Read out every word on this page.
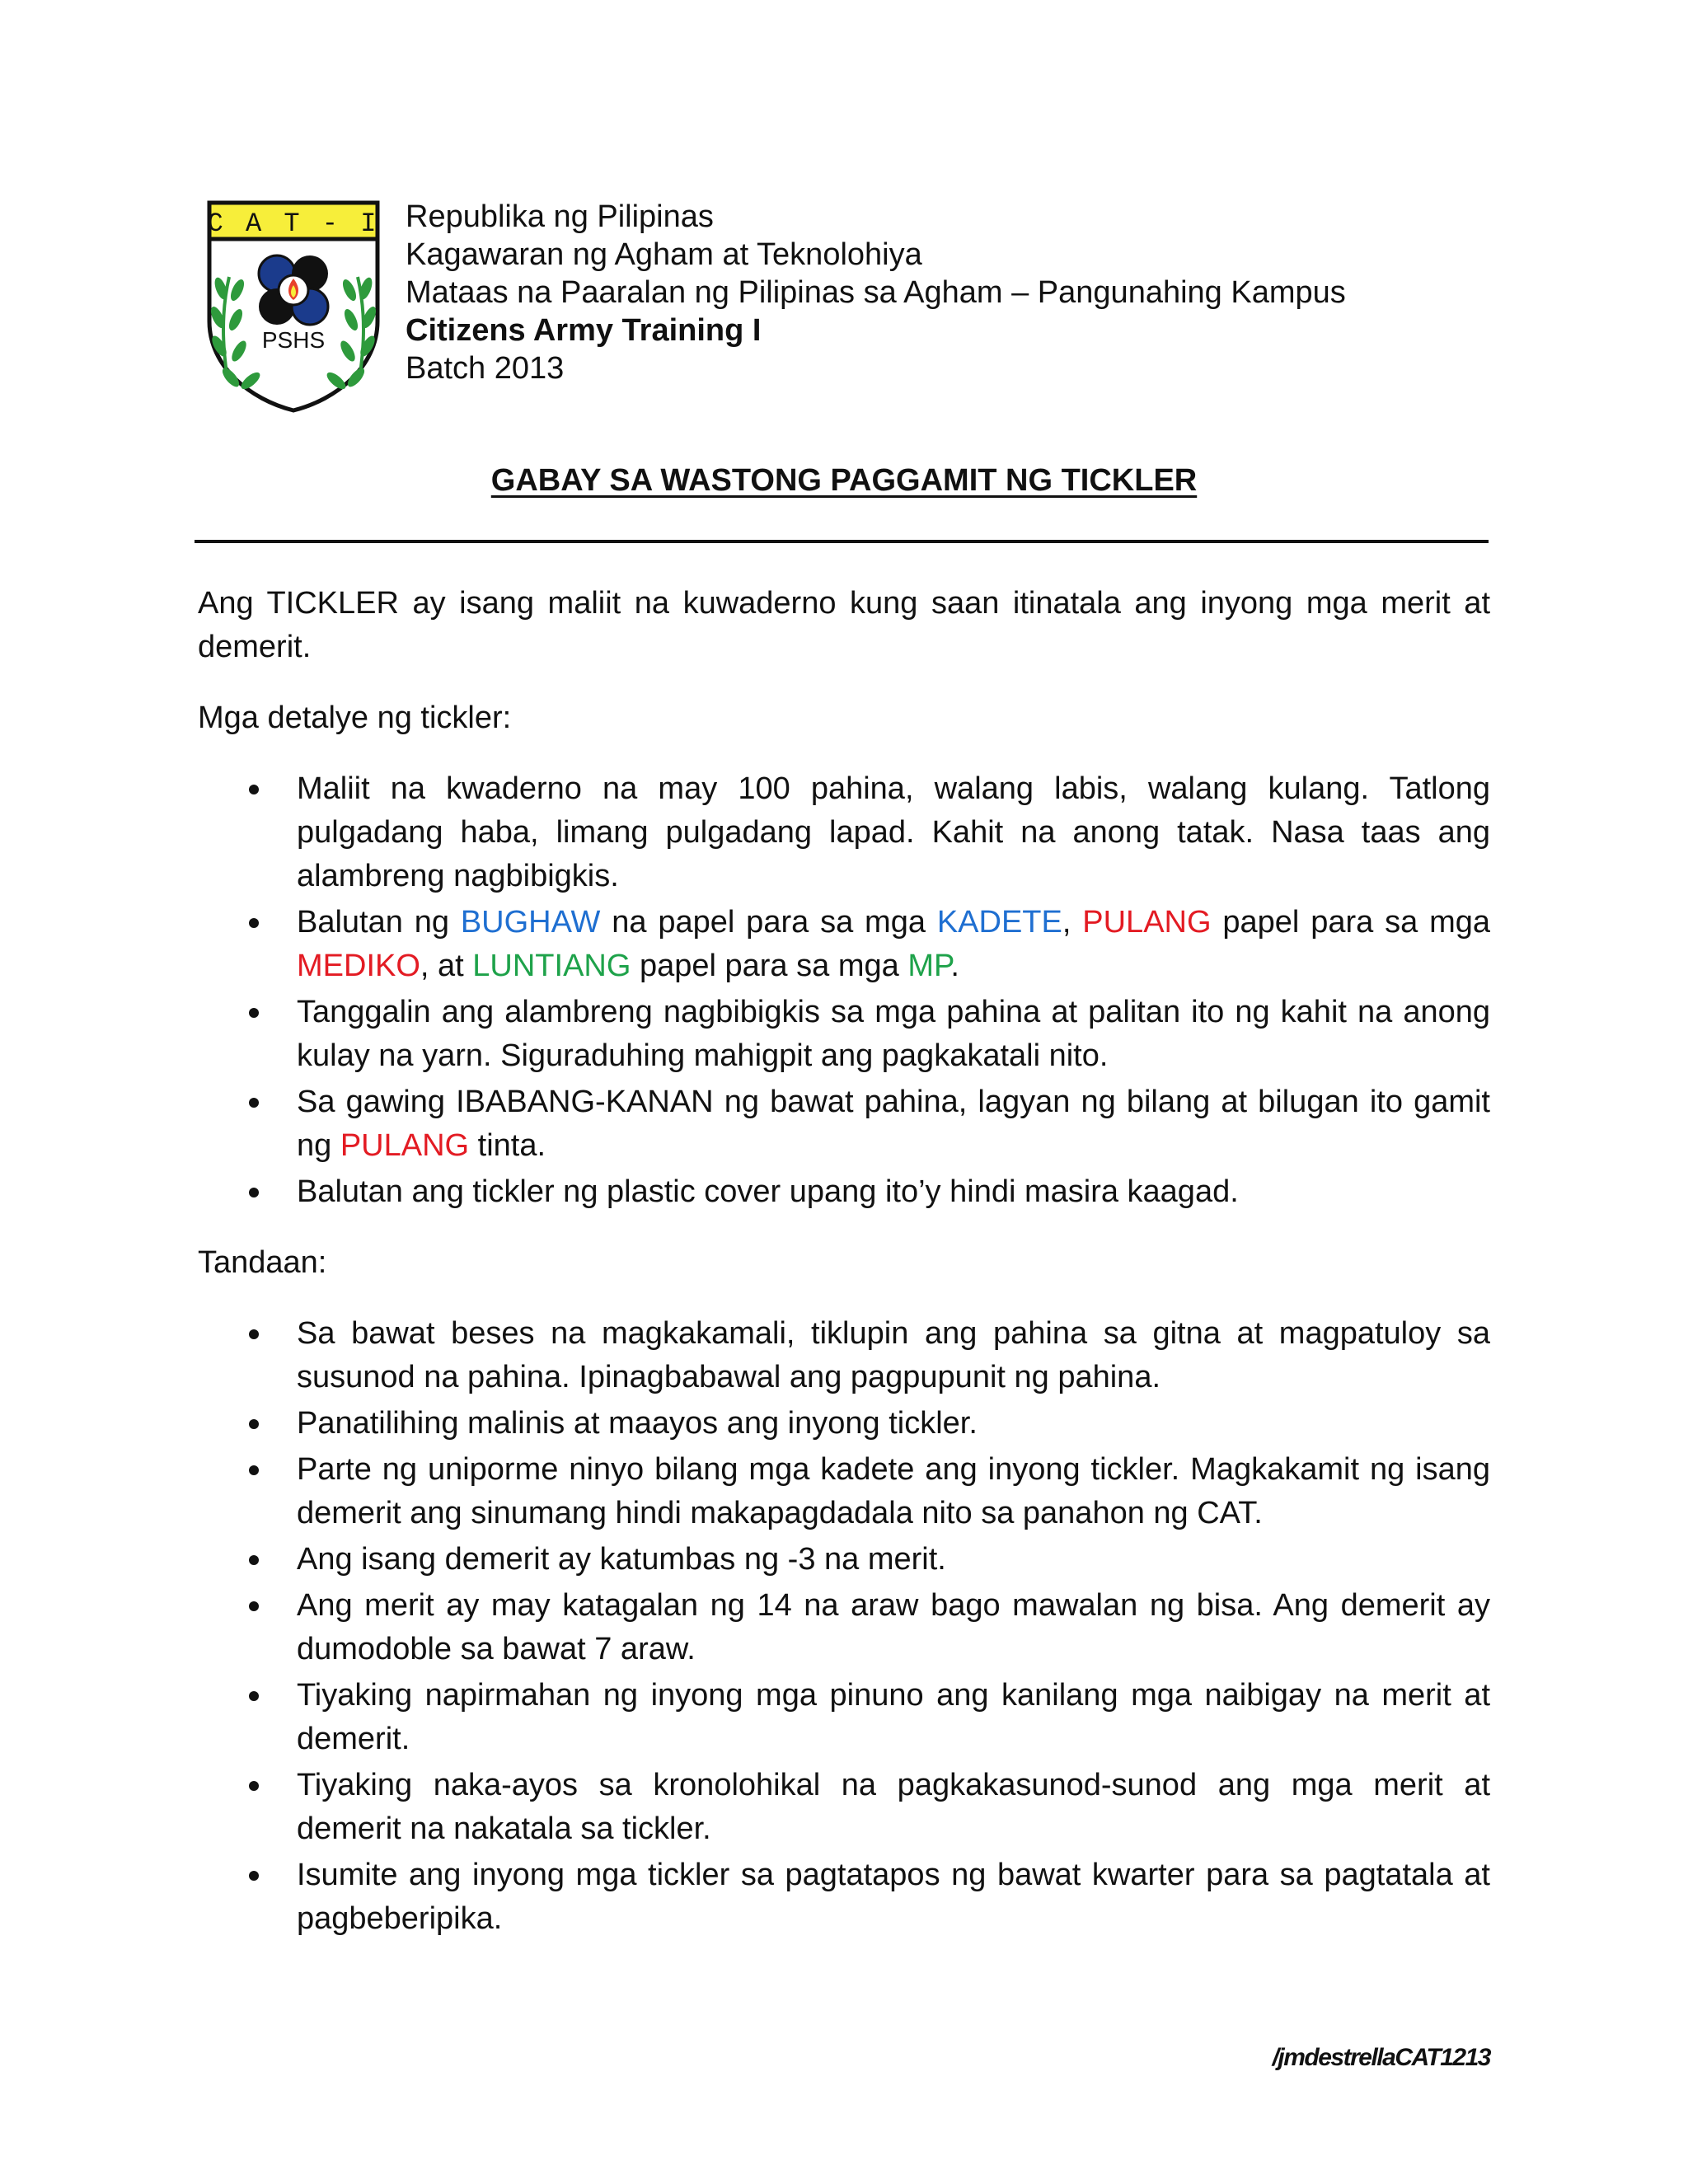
C A T - I
PSHS
Republika ng Pilipinas
Kagawaran ng Agham at Teknolohiya
Mataas na Paaralan ng Pilipinas sa Agham – Pangunahing Kampus
Citizens Army Training I
Batch 2013
GABAY SA WASTONG PAGGAMIT NG TICKLER

Ang TICKLER ay isang maliit na kuwaderno kung saan itinatala ang inyong mga merit at demerit.

Mga detalye ng tickler:

Maliit na kwaderno na may 100 pahina, walang labis, walang kulang. Tatlong pulgadang haba, limang pulgadang lapad. Kahit na anong tatak. Nasa taas ang alambreng nagbibigkis.
Balutan ng BUGHAW na papel para sa mga KADETE, PULANG papel para sa mga MEDIKO, at LUNTIANG papel para sa mga MP.
Tanggalin ang alambreng nagbibigkis sa mga pahina at palitan ito ng kahit na anong kulay na yarn. Siguraduhing mahigpit ang pagkakatali nito.
Sa gawing IBABANG-KANAN ng bawat pahina, lagyan ng bilang at bilugan ito gamit ng PULANG tinta.
Balutan ang tickler ng plastic cover upang ito’y hindi masira kaagad.

Tandaan:

Sa bawat beses na magkakamali, tiklupin ang pahina sa gitna at magpatuloy sa susunod na pahina. Ipinagbabawal ang pagpupunit ng pahina.
Panatilihing malinis at maayos ang inyong tickler.
Parte ng uniporme ninyo bilang mga kadete ang inyong tickler. Magkakamit ng isang demerit ang sinumang hindi makapagdadala nito sa panahon ng CAT.
Ang isang demerit ay katumbas ng -3 na merit.
Ang merit ay may katagalan ng 14 na araw bago mawalan ng bisa. Ang demerit ay dumodoble sa bawat 7 araw.
Tiyaking napirmahan ng inyong mga pinuno ang kanilang mga naibigay na merit at demerit.
Tiyaking naka-ayos sa kronolohikal na pagkakasunod-sunod ang mga merit at demerit na nakatala sa tickler.
Isumite ang inyong mga tickler sa pagtatapos ng bawat kwarter para sa pagtatala at pagbeberipika.
/jmdestrellaCAT1213
